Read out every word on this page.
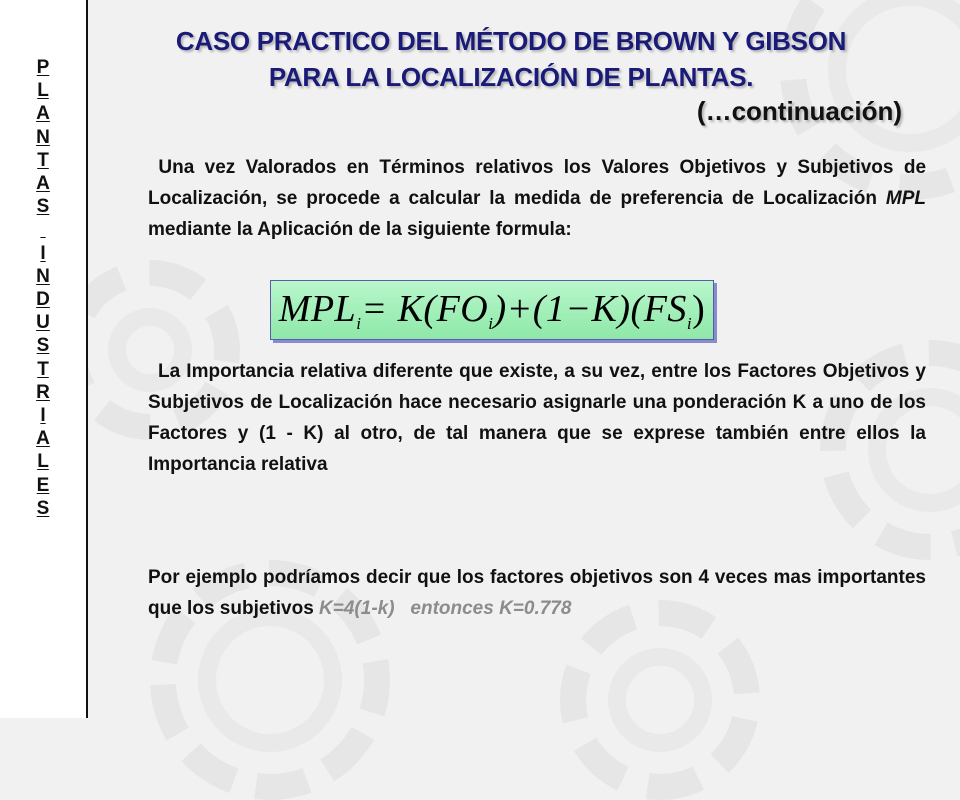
P
L
A
N
T
A
S

I
N
D
U
S
T
R
I
A
L
E
S
CASO PRACTICO DEL MÉTODO DE BROWN Y GIBSON
PARA LA LOCALIZACIÓN DE PLANTAS.
(…continuación)
Una vez Valorados en Términos relativos los Valores Objetivos y Subjetivos de Localización, se procede a calcular la medida de preferencia de Localización MPL mediante la Aplicación de la siguiente formula:
$MPL_i= K(FO_i)+(1-K)(FS_i)$
La Importancia relativa diferente que existe, a su vez, entre los Factores Objetivos y Subjetivos de Localización hace necesario asignarle una ponderación K a uno de los Factores y (1 - K) al otro, de tal manera que se exprese también entre ellos la Importancia relativa
Por ejemplo podríamos decir que los factores objetivos son 4 veces mas importantes que los subjetivos K=4(1-k) entonces K=0.778
